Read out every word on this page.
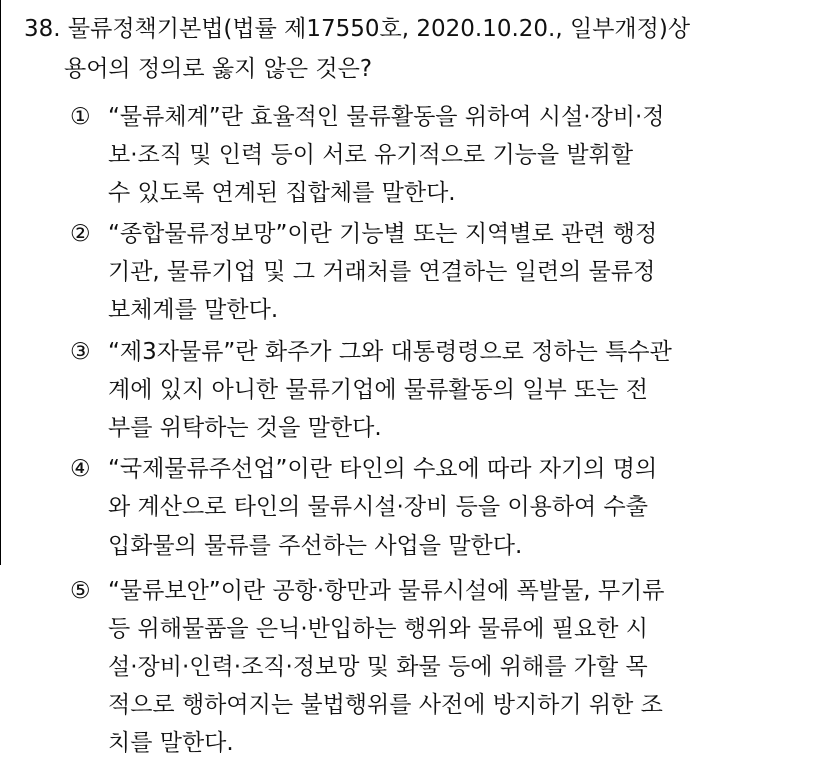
38. 물류정책기본법(법률 제17550호, 2020.10.20., 일부개정)상
용어의 정의로 옳지 않은 것은?
① “물류체계”란 효율적인 물류활동을 위하여 시설·장비·정
보·조직 및 인력 등이 서로 유기적으로 기능을 발휘할
수 있도록 연계된 집합체를 말한다.
② “종합물류정보망”이란 기능별 또는 지역별로 관련 행정
기관, 물류기업 및 그 거래처를 연결하는 일련의 물류정
보체계를 말한다.
③ “제3자물류”란 화주가 그와 대통령령으로 정하는 특수관
계에 있지 아니한 물류기업에 물류활동의 일부 또는 전
부를 위탁하는 것을 말한다.
④ “국제물류주선업”이란 타인의 수요에 따라 자기의 명의
와 계산으로 타인의 물류시설·장비 등을 이용하여 수출
입화물의 물류를 주선하는 사업을 말한다.
⑤ “물류보안”이란 공항·항만과 물류시설에 폭발물, 무기류
등 위해물품을 은닉·반입하는 행위와 물류에 필요한 시
설·장비·인력·조직·정보망 및 화물 등에 위해를 가할 목
적으로 행하여지는 불법행위를 사전에 방지하기 위한 조
치를 말한다.
